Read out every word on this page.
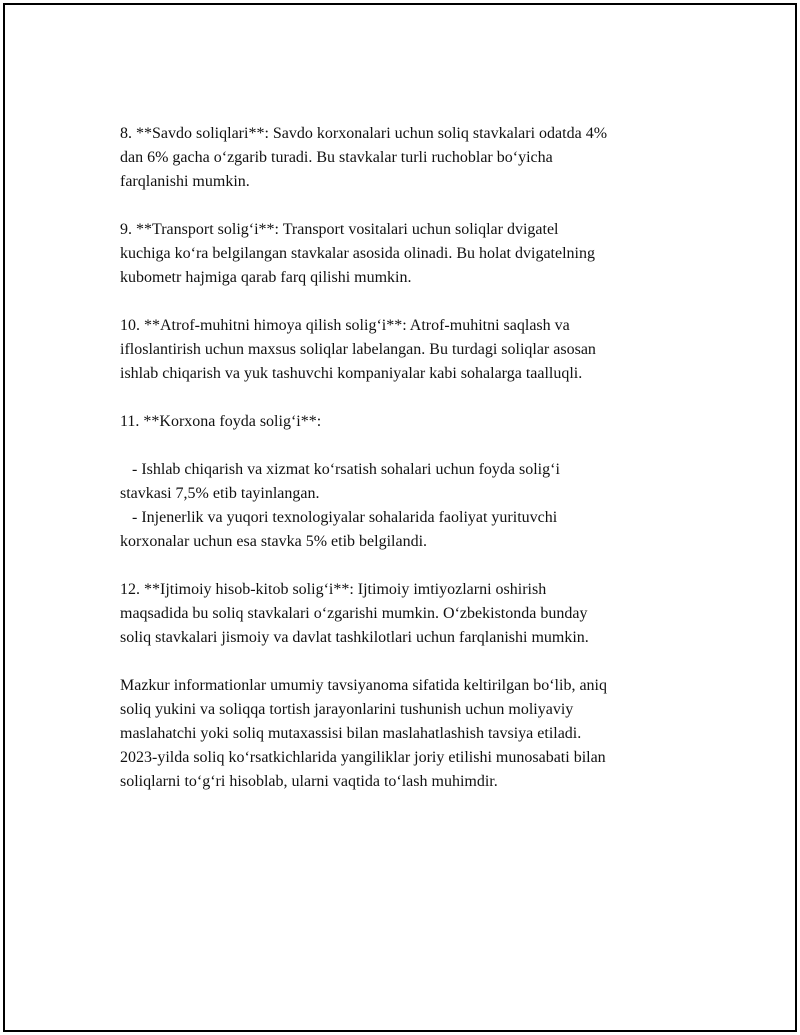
8. **Savdo soliqlari**: Savdo korxonalari uchun soliq stavkalari odatda 4%
dan 6% gacha oʻzgarib turadi. Bu stavkalar turli ruchoblar boʻyicha
farqlanishi mumkin.

9. **Transport soligʻi**: Transport vositalari uchun soliqlar dvigatel
kuchiga koʻra belgilangan stavkalar asosida olinadi. Bu holat dvigatelning
kubometr hajmiga qarab farq qilishi mumkin.

10. **Atrof-muhitni himoya qilish soligʻi**: Atrof-muhitni saqlash va
ifloslantirish uchun maxsus soliqlar labelangan. Bu turdagi soliqlar asosan
ishlab chiqarish va yuk tashuvchi kompaniyalar kabi sohalarga taalluqli.

11. **Korxona foyda soligʻi**:

- Ishlab chiqarish va xizmat koʻrsatish sohalari uchun foyda soligʻi
stavkasi 7,5% etib tayinlangan.
- Injenerlik va yuqori texnologiyalar sohalarida faoliyat yurituvchi
korxonalar uchun esa stavka 5% etib belgilandi.

12. **Ijtimoiy hisob-kitob soligʻi**: Ijtimoiy imtiyozlarni oshirish
maqsadida bu soliq stavkalari oʻzgarishi mumkin. Oʻzbekistonda bunday
soliq stavkalari jismoiy va davlat tashkilotlari uchun farqlanishi mumkin.

Mazkur informationlar umumiy tavsiyanoma sifatida keltirilgan boʻlib, aniq
soliq yukini va soliqqa tortish jarayonlarini tushunish uchun moliyaviy
maslahatchi yoki soliq mutaxassisi bilan maslahatlashish tavsiya etiladi.
2023-yilda soliq koʻrsatkichlarida yangiliklar joriy etilishi munosabati bilan
soliqlarni toʻgʻri hisoblab, ularni vaqtida toʻlash muhimdir.
